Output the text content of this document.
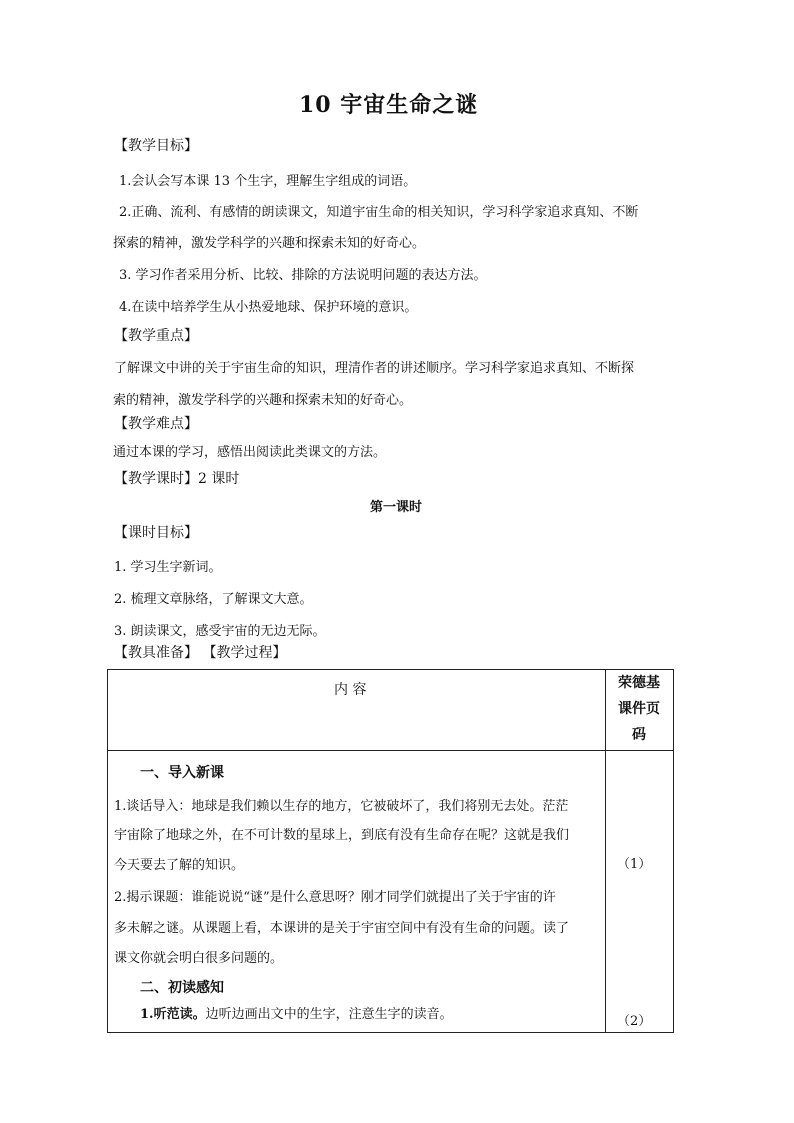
10 宇宙生命之谜
【教学目标】
1.会认会写本课 13 个生字，理解生字组成的词语。
2.正确、流利、有感情的朗读课文，知道宇宙生命的相关知识，学习科学家追求真知、不断
探索的精神，激发学科学的兴趣和探索未知的好奇心。
3. 学习作者采用分析、比较、排除的方法说明问题的表达方法。
4.在读中培养学生从小热爱地球、保护环境的意识。
【教学重点】
了解课文中讲的关于宇宙生命的知识，理清作者的讲述顺序。学习科学家追求真知、不断探
索的精神，激发学科学的兴趣和探索未知的好奇心。
【教学难点】
通过本课的学习，感悟出阅读此类课文的方法。
【教学课时】2 课时
第一课时
【课时目标】
1. 学习生字新词。
2. 梳理文章脉络，了解课文大意。
3. 朗读课文，感受宇宙的无边无际。
【教具准备】 【教学过程】
内 容	荣德基
课件页
码
一、导入新课
1.谈话导入：地球是我们赖以生存的地方，它被破坏了，我们将别无去处。茫茫
宇宙除了地球之外，在不可计数的星球上，到底有没有生命存在呢？这就是我们
今天要去了解的知识。
2.揭示课题：谁能说说“谜”是什么意思呀？刚才同学们就提出了关于宇宙的许
多未解之谜。从课题上看，本课讲的是关于宇宙空间中有没有生命的问题。读了
课文你就会明白很多问题的。
二、初读感知
1.听范读。边听边画出文中的生字，注意生字的读音。
（1）
（2）
